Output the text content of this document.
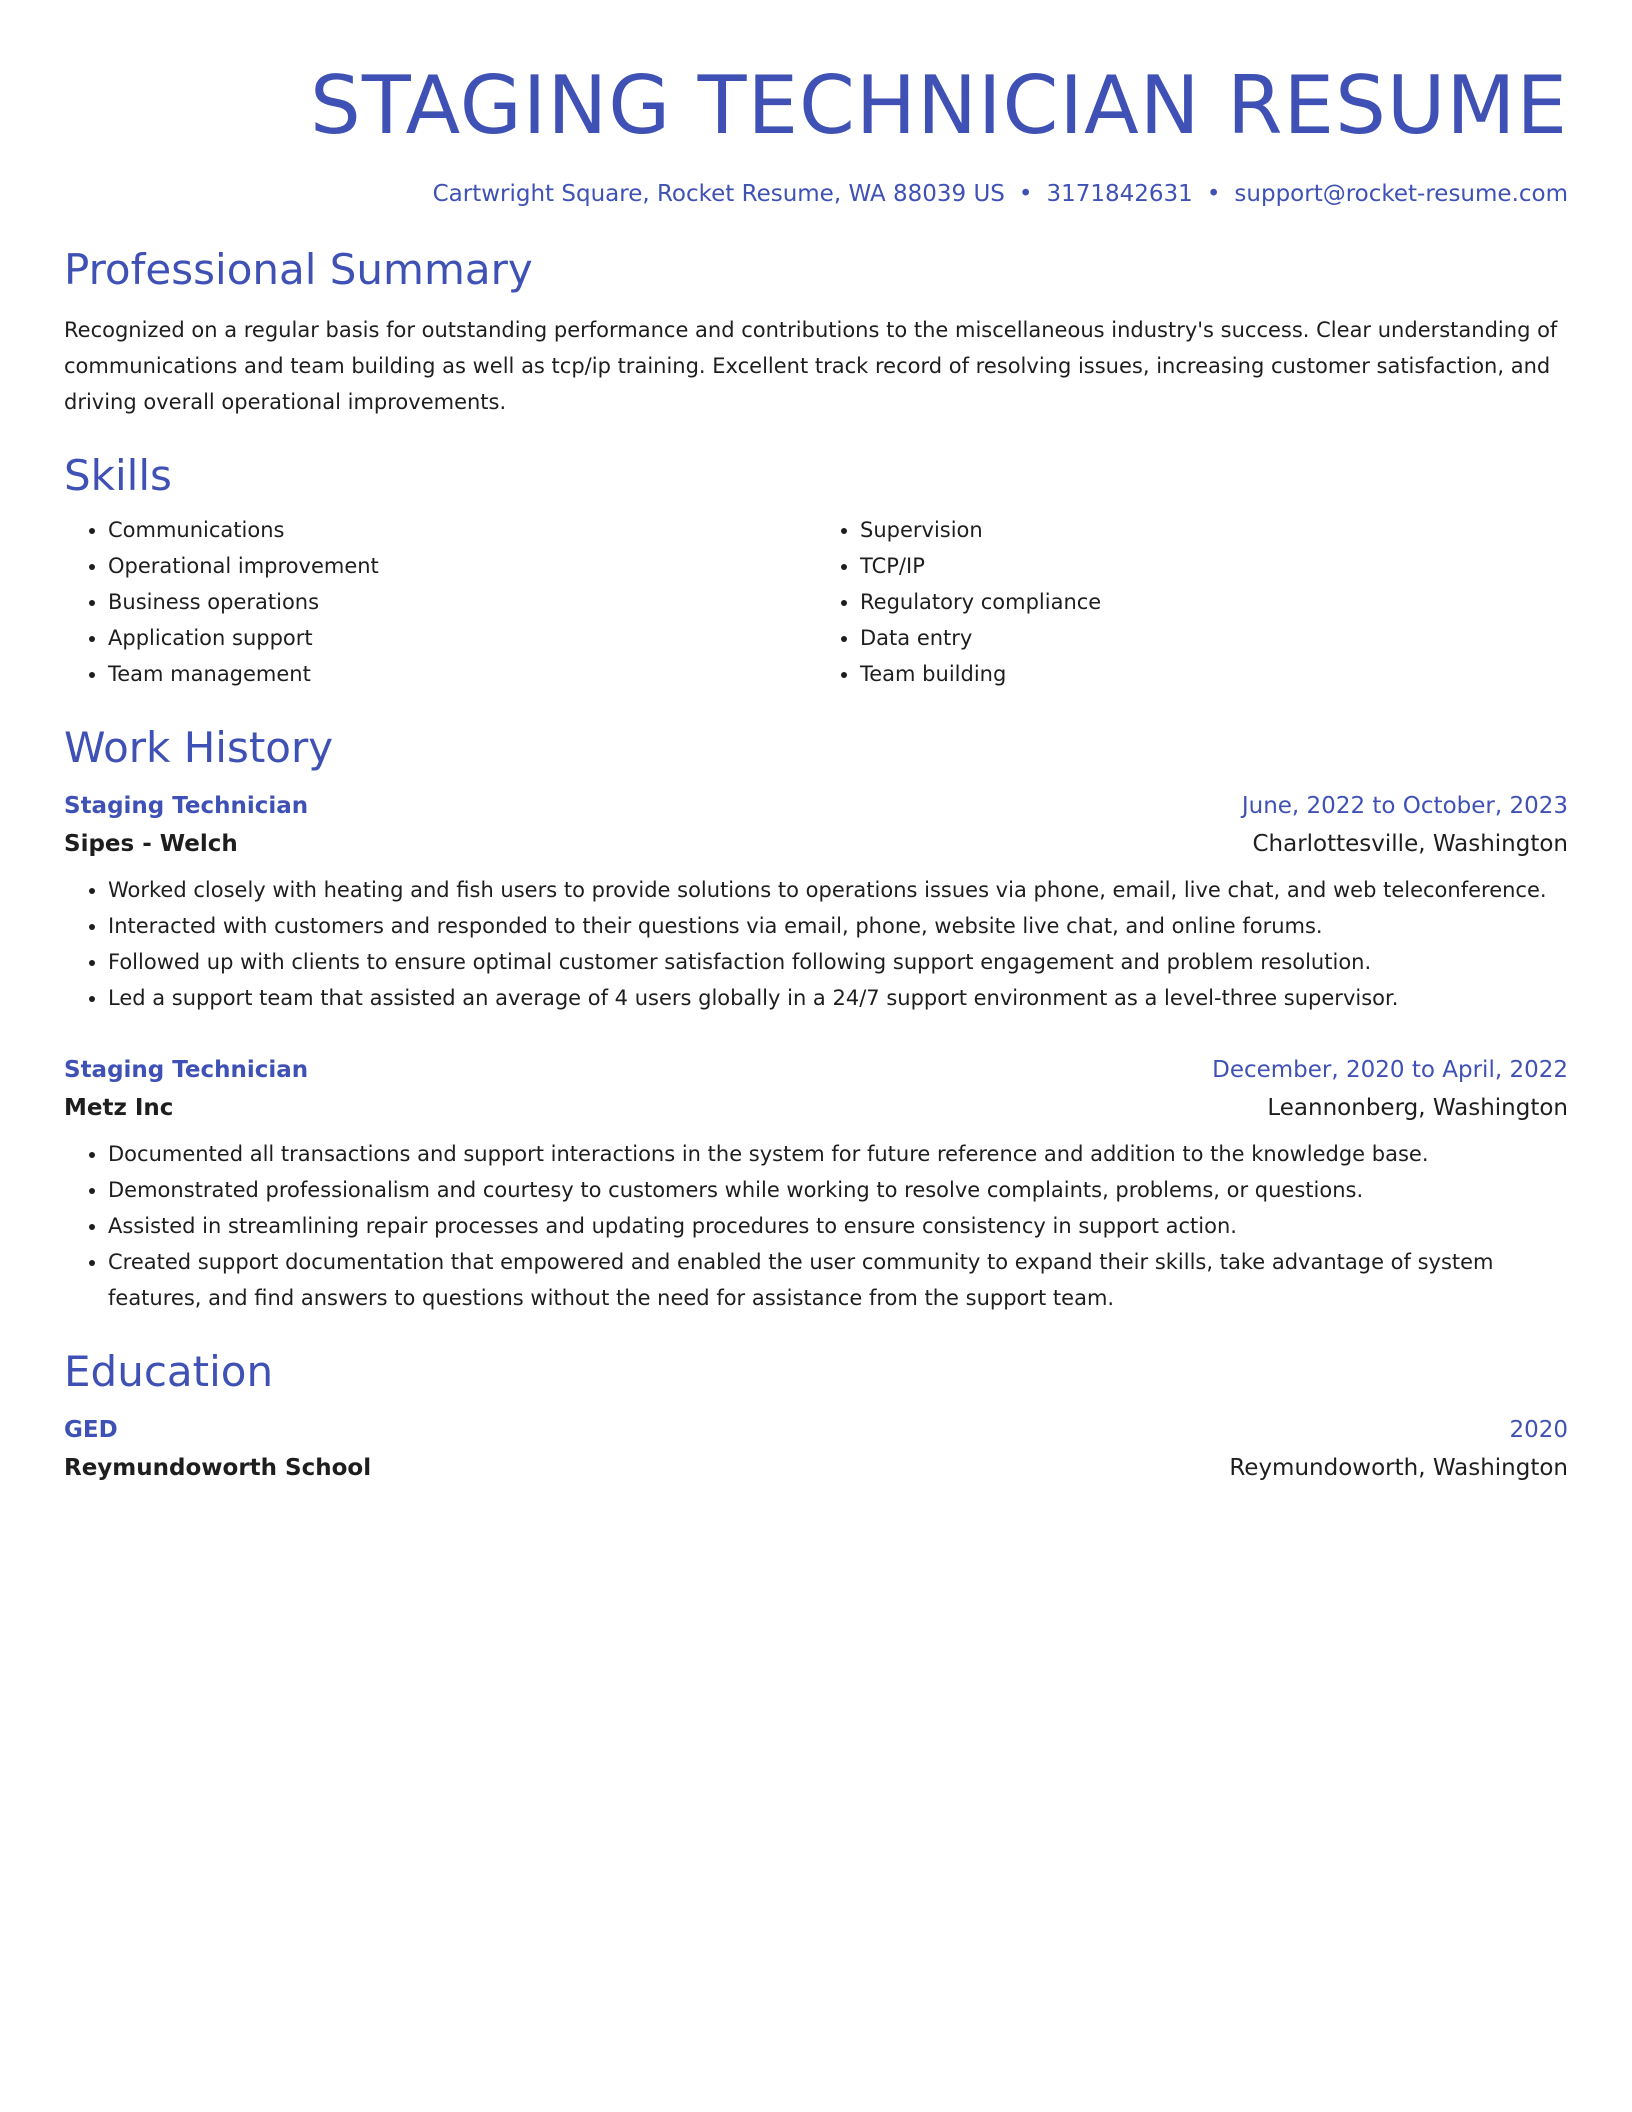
STAGING TECHNICIAN RESUME
Cartwright Square, Rocket Resume, WA 88039 US • 3171842631 • support@rocket-resume.com
Professional Summary
Recognized on a regular basis for outstanding performance and contributions to the miscellaneous industry's success. Clear understanding of communications and team building as well as tcp/ip training. Excellent track record of resolving issues, increasing customer satisfaction, and driving overall operational improvements.
Skills
• Communications
• Operational improvement
• Business operations
• Application support
• Team management
• Supervision
• TCP/IP
• Regulatory compliance
• Data entry
• Team building
Work History
Staging Technician	June, 2022 to October, 2023
Sipes - Welch	Charlottesville, Washington
• Worked closely with heating and fish users to provide solutions to operations issues via phone, email, live chat, and web teleconference.
• Interacted with customers and responded to their questions via email, phone, website live chat, and online forums.
• Followed up with clients to ensure optimal customer satisfaction following support engagement and problem resolution.
• Led a support team that assisted an average of 4 users globally in a 24/7 support environment as a level-three supervisor.
Staging Technician	December, 2020 to April, 2022
Metz Inc	Leannonberg, Washington
• Documented all transactions and support interactions in the system for future reference and addition to the knowledge base.
• Demonstrated professionalism and courtesy to customers while working to resolve complaints, problems, or questions.
• Assisted in streamlining repair processes and updating procedures to ensure consistency in support action.
• Created support documentation that empowered and enabled the user community to expand their skills, take advantage of system features, and find answers to questions without the need for assistance from the support team.
Education
GED	2020
Reymundoworth School	Reymundoworth, Washington
